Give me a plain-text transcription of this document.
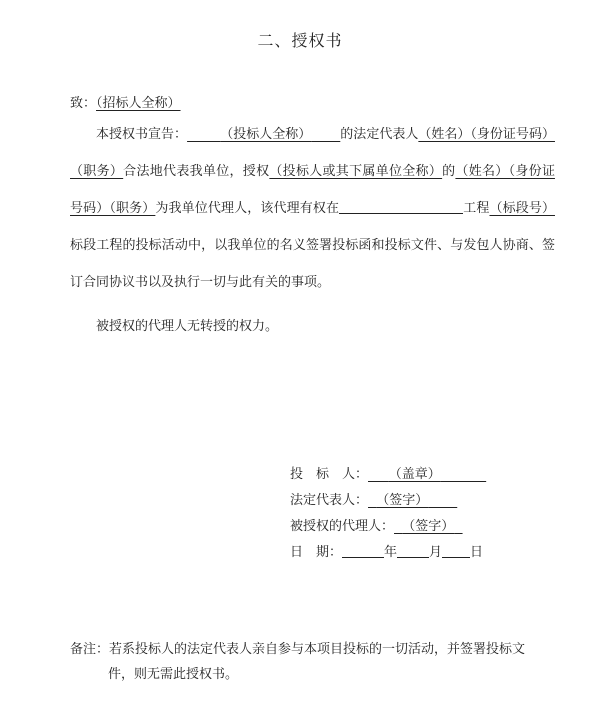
二、授权书
致：（招标人全称）
本授权书宣告：	（投标人全称） 的法定代表人（姓名）（身份证号码）（职务）合法地代表我单位，授权（投标人或其下属单位全称）的（姓名）（身份证号码）（职务）为我单位代理人，该代理有权在	工程（标段号）标段工程的投标活动中，以我单位的名义签署投标函和投标文件、与发包人协商、签订合同协议书以及执行一切与此有关的事项。
被授权的代理人无转授的权力。
投　标　人： （盖章）
法定代表人： （签字）
被授权的代理人： （签字）
日　期：	年 月 日
备注：若系投标人的法定代表人亲自参与本项目投标的一切活动，并签署投标文
件，则无需此授权书。
